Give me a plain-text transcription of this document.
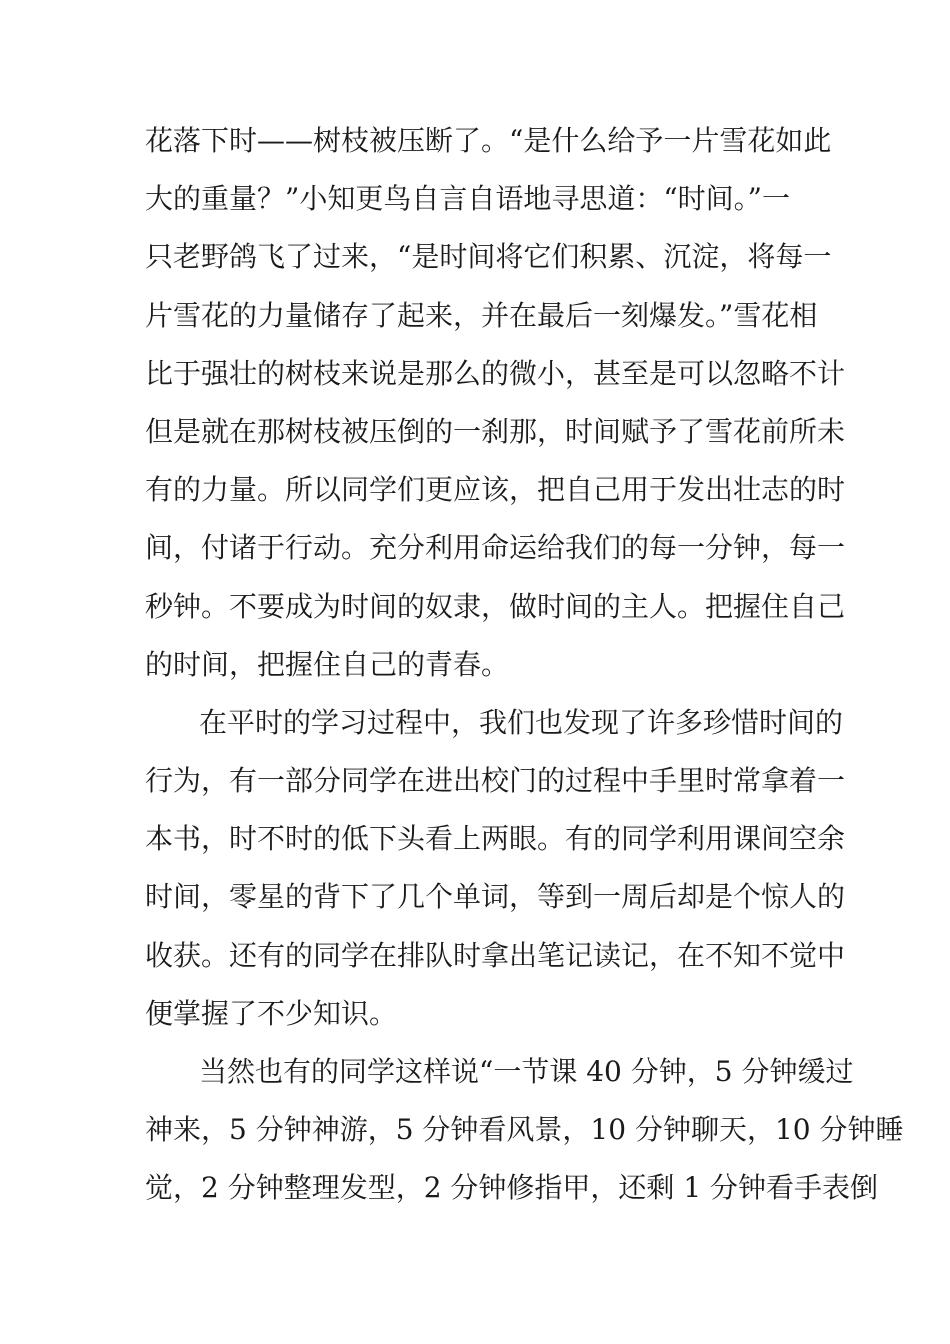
花落下时——树枝被压断了。“是什么给予一片雪花如此
大的重量？”小知更鸟自言自语地寻思道：“时间。”一
只老野鸽飞了过来，“是时间将它们积累、沉淀，将每一
片雪花的力量储存了起来，并在最后一刻爆发。”雪花相
比于强壮的树枝来说是那么的微小，甚至是可以忽略不计
但是就在那树枝被压倒的一刹那，时间赋予了雪花前所未
有的力量。所以同学们更应该，把自己用于发出壮志的时
间，付诸于行动。充分利用命运给我们的每一分钟，每一
秒钟。不要成为时间的奴隶，做时间的主人。把握住自己
的时间，把握住自己的青春。
在平时的学习过程中，我们也发现了许多珍惜时间的
行为，有一部分同学在进出校门的过程中手里时常拿着一
本书，时不时的低下头看上两眼。有的同学利用课间空余
时间，零星的背下了几个单词，等到一周后却是个惊人的
收获。还有的同学在排队时拿出笔记读记，在不知不觉中
便掌握了不少知识。
当然也有的同学这样说“一节课 40 分钟，5 分钟缓过
神来，5 分钟神游，5 分钟看风景，10 分钟聊天，10 分钟睡
觉，2 分钟整理发型，2 分钟修指甲，还剩 1 分钟看手表倒
